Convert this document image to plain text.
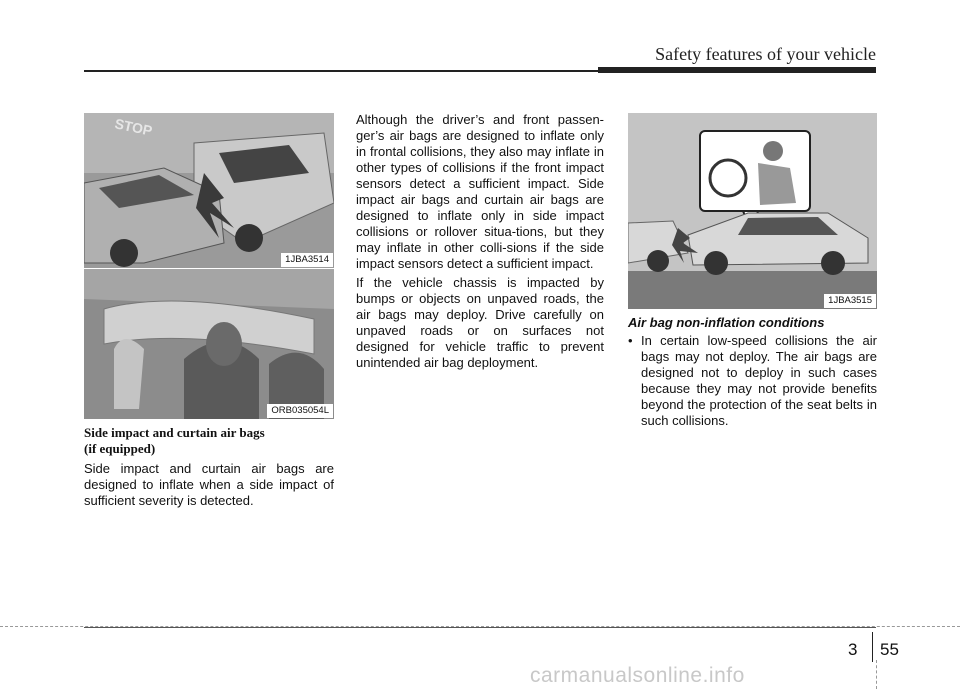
Safety features of your vehicle
STOP
1JBA3514
ORB035054L
1JBA3515
Side impact and curtain air bags
(if equipped)

Side impact and curtain air bags are designed to inflate when a side impact of sufficient severity is detected.

Although the driver’s and front passen-ger’s air bags are designed to inflate only in frontal collisions, they also may inflate in other types of collisions if the front impact sensors detect a sufficient impact. Side impact air bags and curtain air bags are designed to inflate only in side impact collisions or rollover situa-tions, but they may inflate in other colli-sions if the side impact sensors detect a sufficient impact.

If the vehicle chassis is impacted by bumps or objects on unpaved roads, the air bags may deploy. Drive carefully on unpaved roads or on surfaces not designed for vehicle traffic to prevent unintended air bag deployment.

Air bag non-inflation conditions
• In certain low-speed collisions the air bags may not deploy. The air bags are designed not to deploy in such cases because they may not provide benefits beyond the protection of the seat belts in such collisions.
3 55
carmanualsonline.info
